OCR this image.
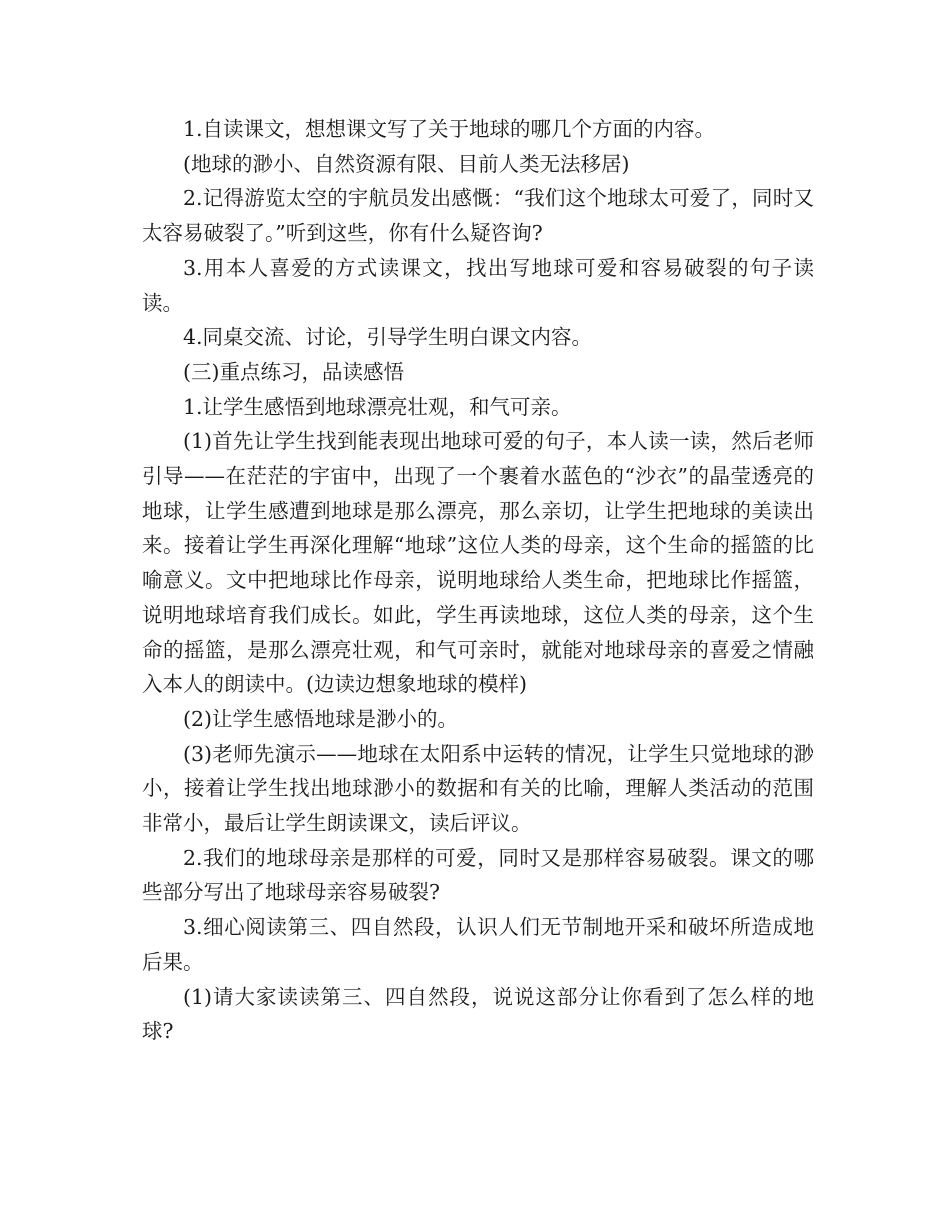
1.自读课文，想想课文写了关于地球的哪几个方面的内容。

(地球的渺小、自然资源有限、目前人类无法移居)

2.记得游览太空的宇航员发出感慨：“我们这个地球太可爱了，同时又太容易破裂了。”听到这些，你有什么疑咨询?

3.用本人喜爱的方式读课文，找出写地球可爱和容易破裂的句子读读。

4.同桌交流、讨论，引导学生明白课文内容。

(三)重点练习，品读感悟

1.让学生感悟到地球漂亮壮观，和气可亲。

(1)首先让学生找到能表现出地球可爱的句子，本人读一读，然后老师引导——在茫茫的宇宙中，出现了一个裹着水蓝色的“沙衣”的晶莹透亮的地球，让学生感遭到地球是那么漂亮，那么亲切，让学生把地球的美读出来。接着让学生再深化理解“地球”这位人类的母亲，这个生命的摇篮的比喻意义。文中把地球比作母亲，说明地球给人类生命，把地球比作摇篮，说明地球培育我们成长。如此，学生再读地球，这位人类的母亲，这个生命的摇篮，是那么漂亮壮观，和气可亲时，就能对地球母亲的喜爱之情融入本人的朗读中。(边读边想象地球的模样)

(2)让学生感悟地球是渺小的。

(3)老师先演示——地球在太阳系中运转的情况，让学生只觉地球的渺小，接着让学生找出地球渺小的数据和有关的比喻，理解人类活动的范围非常小，最后让学生朗读课文，读后评议。

2.我们的地球母亲是那样的可爱，同时又是那样容易破裂。课文的哪些部分写出了地球母亲容易破裂?

3.细心阅读第三、四自然段，认识人们无节制地开采和破坏所造成地后果。

(1)请大家读读第三、四自然段，说说这部分让你看到了怎么样的地球?
